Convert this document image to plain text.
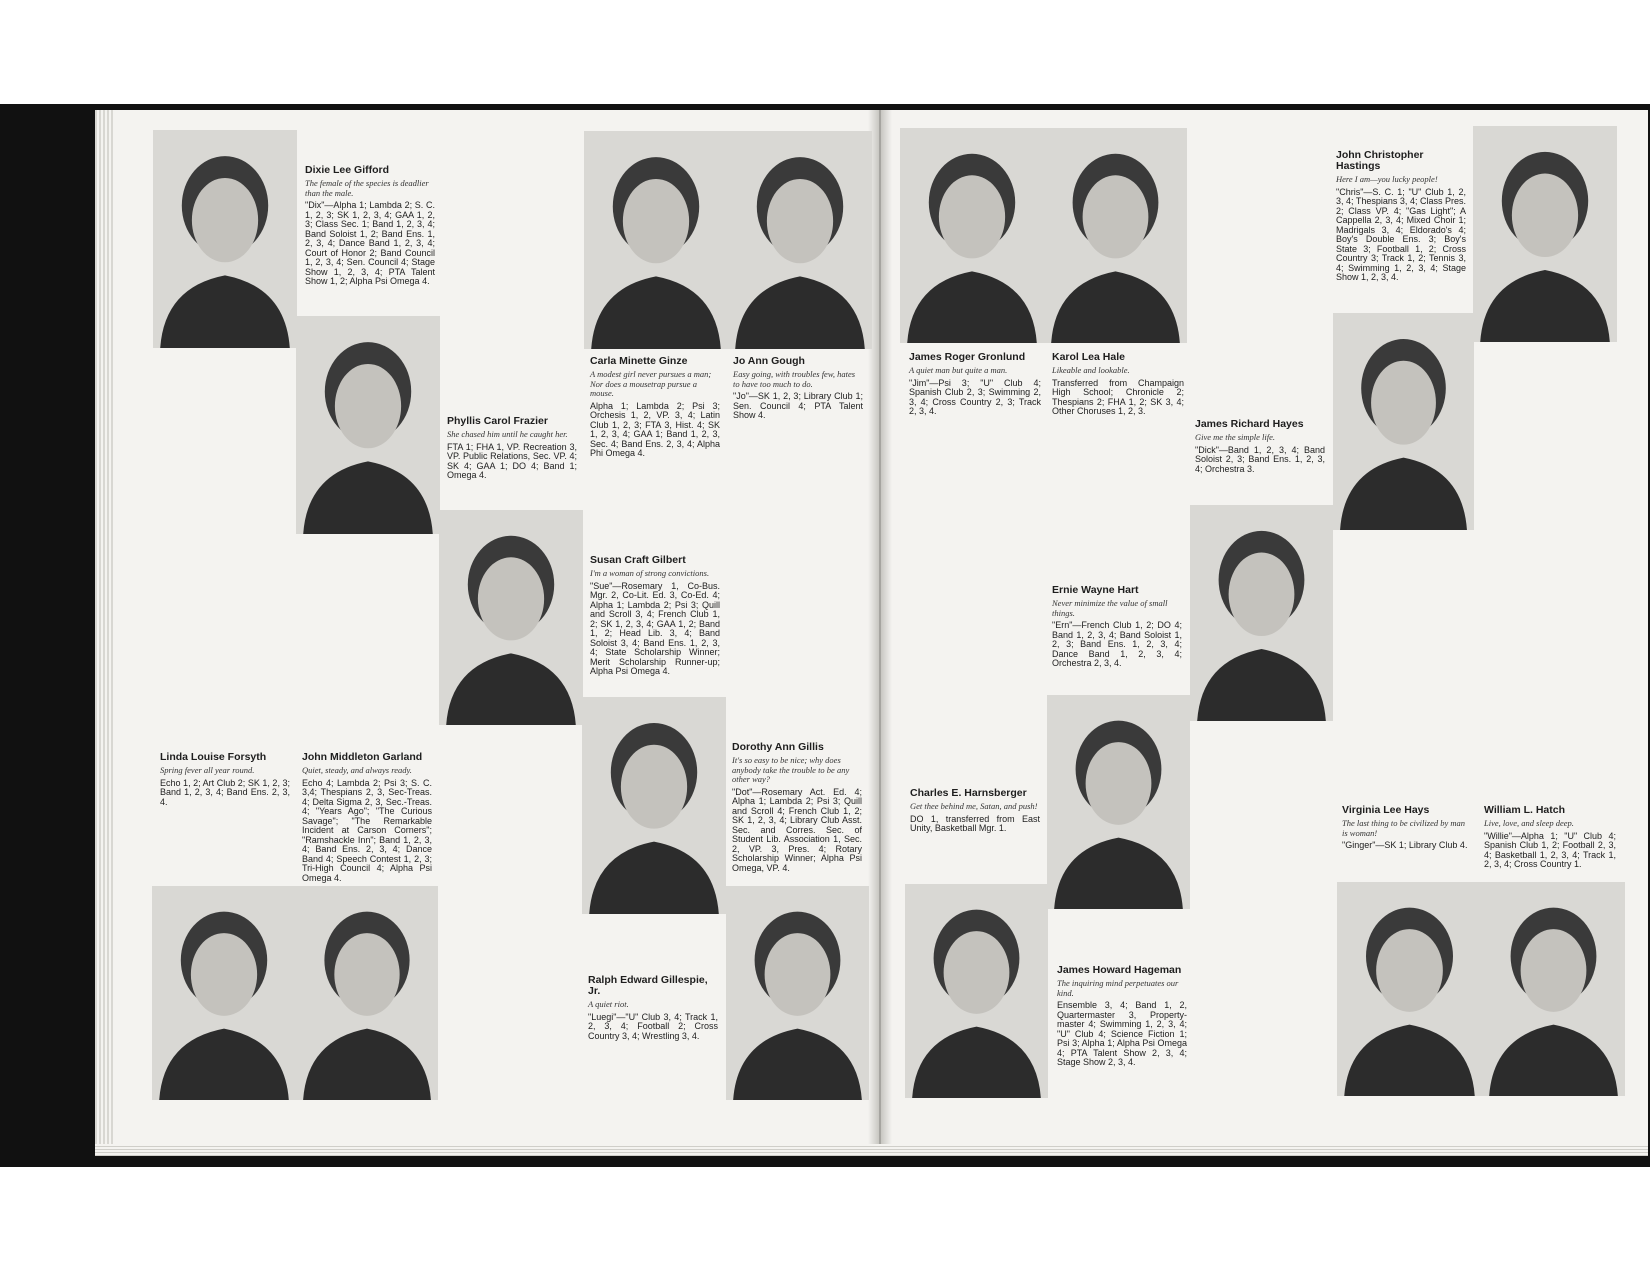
Dixie Lee Gifford
The female of the species is deadlier than the male.
"Dix"—Alpha 1; Lambda 2; S. C. 1, 2, 3; SK 1, 2, 3, 4; GAA 1, 2, 3; Class Sec. 1; Band 1, 2, 3, 4; Band Soloist 1, 2; Band Ens. 1, 2, 3, 4; Dance Band 1, 2, 3, 4; Court of Honor 2; Band Council 1, 2, 3, 4; Sen. Council 4; Stage Show 1, 2, 3, 4; PTA Talent Show 1, 2; Alpha Psi Omega 4.
Phyllis Carol Frazier
She chased him until he caught her.
FTA 1; FHA 1, VP. Recreation 3, VP. Public Relations, Sec. VP. 4; SK 4; GAA 1; DO 4; Band 1; Omega 4.
Carla Minette Ginze
A modest girl never pursues a man; Nor does a mousetrap pursue a mouse.
Alpha 1; Lambda 2; Psi 3; Orchesis 1, 2, VP. 3, 4; Latin Club 1, 2, 3; FTA 3, Hist. 4; SK 1, 2, 3, 4; GAA 1; Band 1, 2, 3, Sec. 4; Band Ens. 2, 3, 4; Alpha Phi Omega 4.
Jo Ann Gough
Easy going, with troubles few, hates to have too much to do.
"Jo"—SK 1, 2, 3; Library Club 1; Sen. Council 4; PTA Talent Show 4.
Susan Craft Gilbert
I'm a woman of strong convictions.
"Sue"—Rosemary 1, Co-Bus. Mgr. 2, Co-Lit. Ed. 3, Co-Ed. 4; Alpha 1; Lambda 2; Psi 3; Quill and Scroll 3, 4; French Club 1, 2; SK 1, 2, 3, 4; GAA 1, 2; Band 1, 2; Head Lib. 3, 4; Band Soloist 3, 4; Band Ens. 1, 2, 3, 4; State Scholarship Winner; Merit Scholarship Runner-up; Alpha Psi Omega 4.
Linda Louise Forsyth
Spring fever all year round.
Echo 1, 2; Art Club 2; SK 1, 2, 3; Band 1, 2, 3, 4; Band Ens. 2, 3, 4.
John Middleton Garland
Quiet, steady, and always ready.
Echo 4; Lambda 2; Psi 3; S. C. 3,4; Thespians 2, 3, Sec-Treas. 4; Delta Sigma 2, 3, Sec.-Treas. 4; "Years Ago"; "The Curious Savage"; "The Remarkable Incident at Carson Corners"; "Ramshackle Inn"; Band 1, 2, 3, 4; Band Ens. 2, 3, 4; Dance Band 4; Speech Contest 1, 2, 3; Tri-High Council 4; Alpha Psi Omega 4.
Dorothy Ann Gillis
It's so easy to be nice; why does anybody take the trouble to be any other way?
"Dot"—Rosemary Act. Ed. 4; Alpha 1; Lambda 2; Psi 3; Quill and Scroll 4; French Club 1, 2; SK 1, 2, 3, 4; Library Club Asst. Sec. and Corres. Sec. of Student Lib. Association 1, Sec. 2, VP. 3, Pres. 4; Rotary Scholarship Winner; Alpha Psi Omega, VP. 4.
Ralph Edward Gillespie, Jr.
A quiet riot.
"Luegi"—"U" Club 3, 4; Track 1, 2, 3, 4; Football 2; Cross Country 3, 4; Wrestling 3, 4.
James Roger Gronlund
A quiet man but quite a man.
"Jim"—Psi 3; "U" Club 4; Spanish Club 2, 3; Swimming 2, 3, 4; Cross Country 2, 3; Track 2, 3, 4.
Karol Lea Hale
Likeable and lookable.
Transferred from Champaign High School; Chronicle 2; Thespians 2; FHA 1, 2; SK 3, 4; Other Choruses 1, 2, 3.
John Christopher Hastings
Here I am—you lucky people!
"Chris"—S. C. 1; "U" Club 1, 2, 3, 4; Thespians 3, 4; Class Pres. 2; Class VP. 4; "Gas Light"; A Cappella 2, 3, 4; Mixed Choir 1; Madrigals 3, 4; Eldorado's 4; Boy's Double Ens. 3; Boy's State 3; Football 1, 2; Cross Country 3; Track 1, 2; Tennis 3, 4; Swimming 1, 2, 3, 4; Stage Show 1, 2, 3, 4.
James Richard Hayes
Give me the simple life.
"Dick"—Band 1, 2, 3, 4; Band Soloist 2, 3; Band Ens. 1, 2, 3, 4; Orchestra 3.
Ernie Wayne Hart
Never minimize the value of small things.
"Ern"—French Club 1, 2; DO 4; Band 1, 2, 3, 4; Band Soloist 1, 2, 3; Band Ens. 1, 2, 3, 4; Dance Band 1, 2, 3, 4; Orchestra 2, 3, 4.
Charles E. Harnsberger
Get thee behind me, Satan, and push!
DO 1, transferred from East Unity, Basketball Mgr. 1.
James Howard Hageman
The inquiring mind perpetuates our kind.
Ensemble 3, 4; Band 1, 2, Quartermaster 3, Property-master 4; Swimming 1, 2, 3, 4; "U" Club 4; Science Fiction 1; Psi 3; Alpha 1; Alpha Psi Omega 4; PTA Talent Show 2, 3, 4; Stage Show 2, 3, 4.
Virginia Lee Hays
The last thing to be civilized by man is woman!
"Ginger"—SK 1; Library Club 4.
William L. Hatch
Live, love, and sleep deep.
"Willie"—Alpha 1; "U" Club 4; Spanish Club 1, 2; Football 2, 3, 4; Basketball 1, 2, 3, 4; Track 1, 2, 3, 4; Cross Country 1.
